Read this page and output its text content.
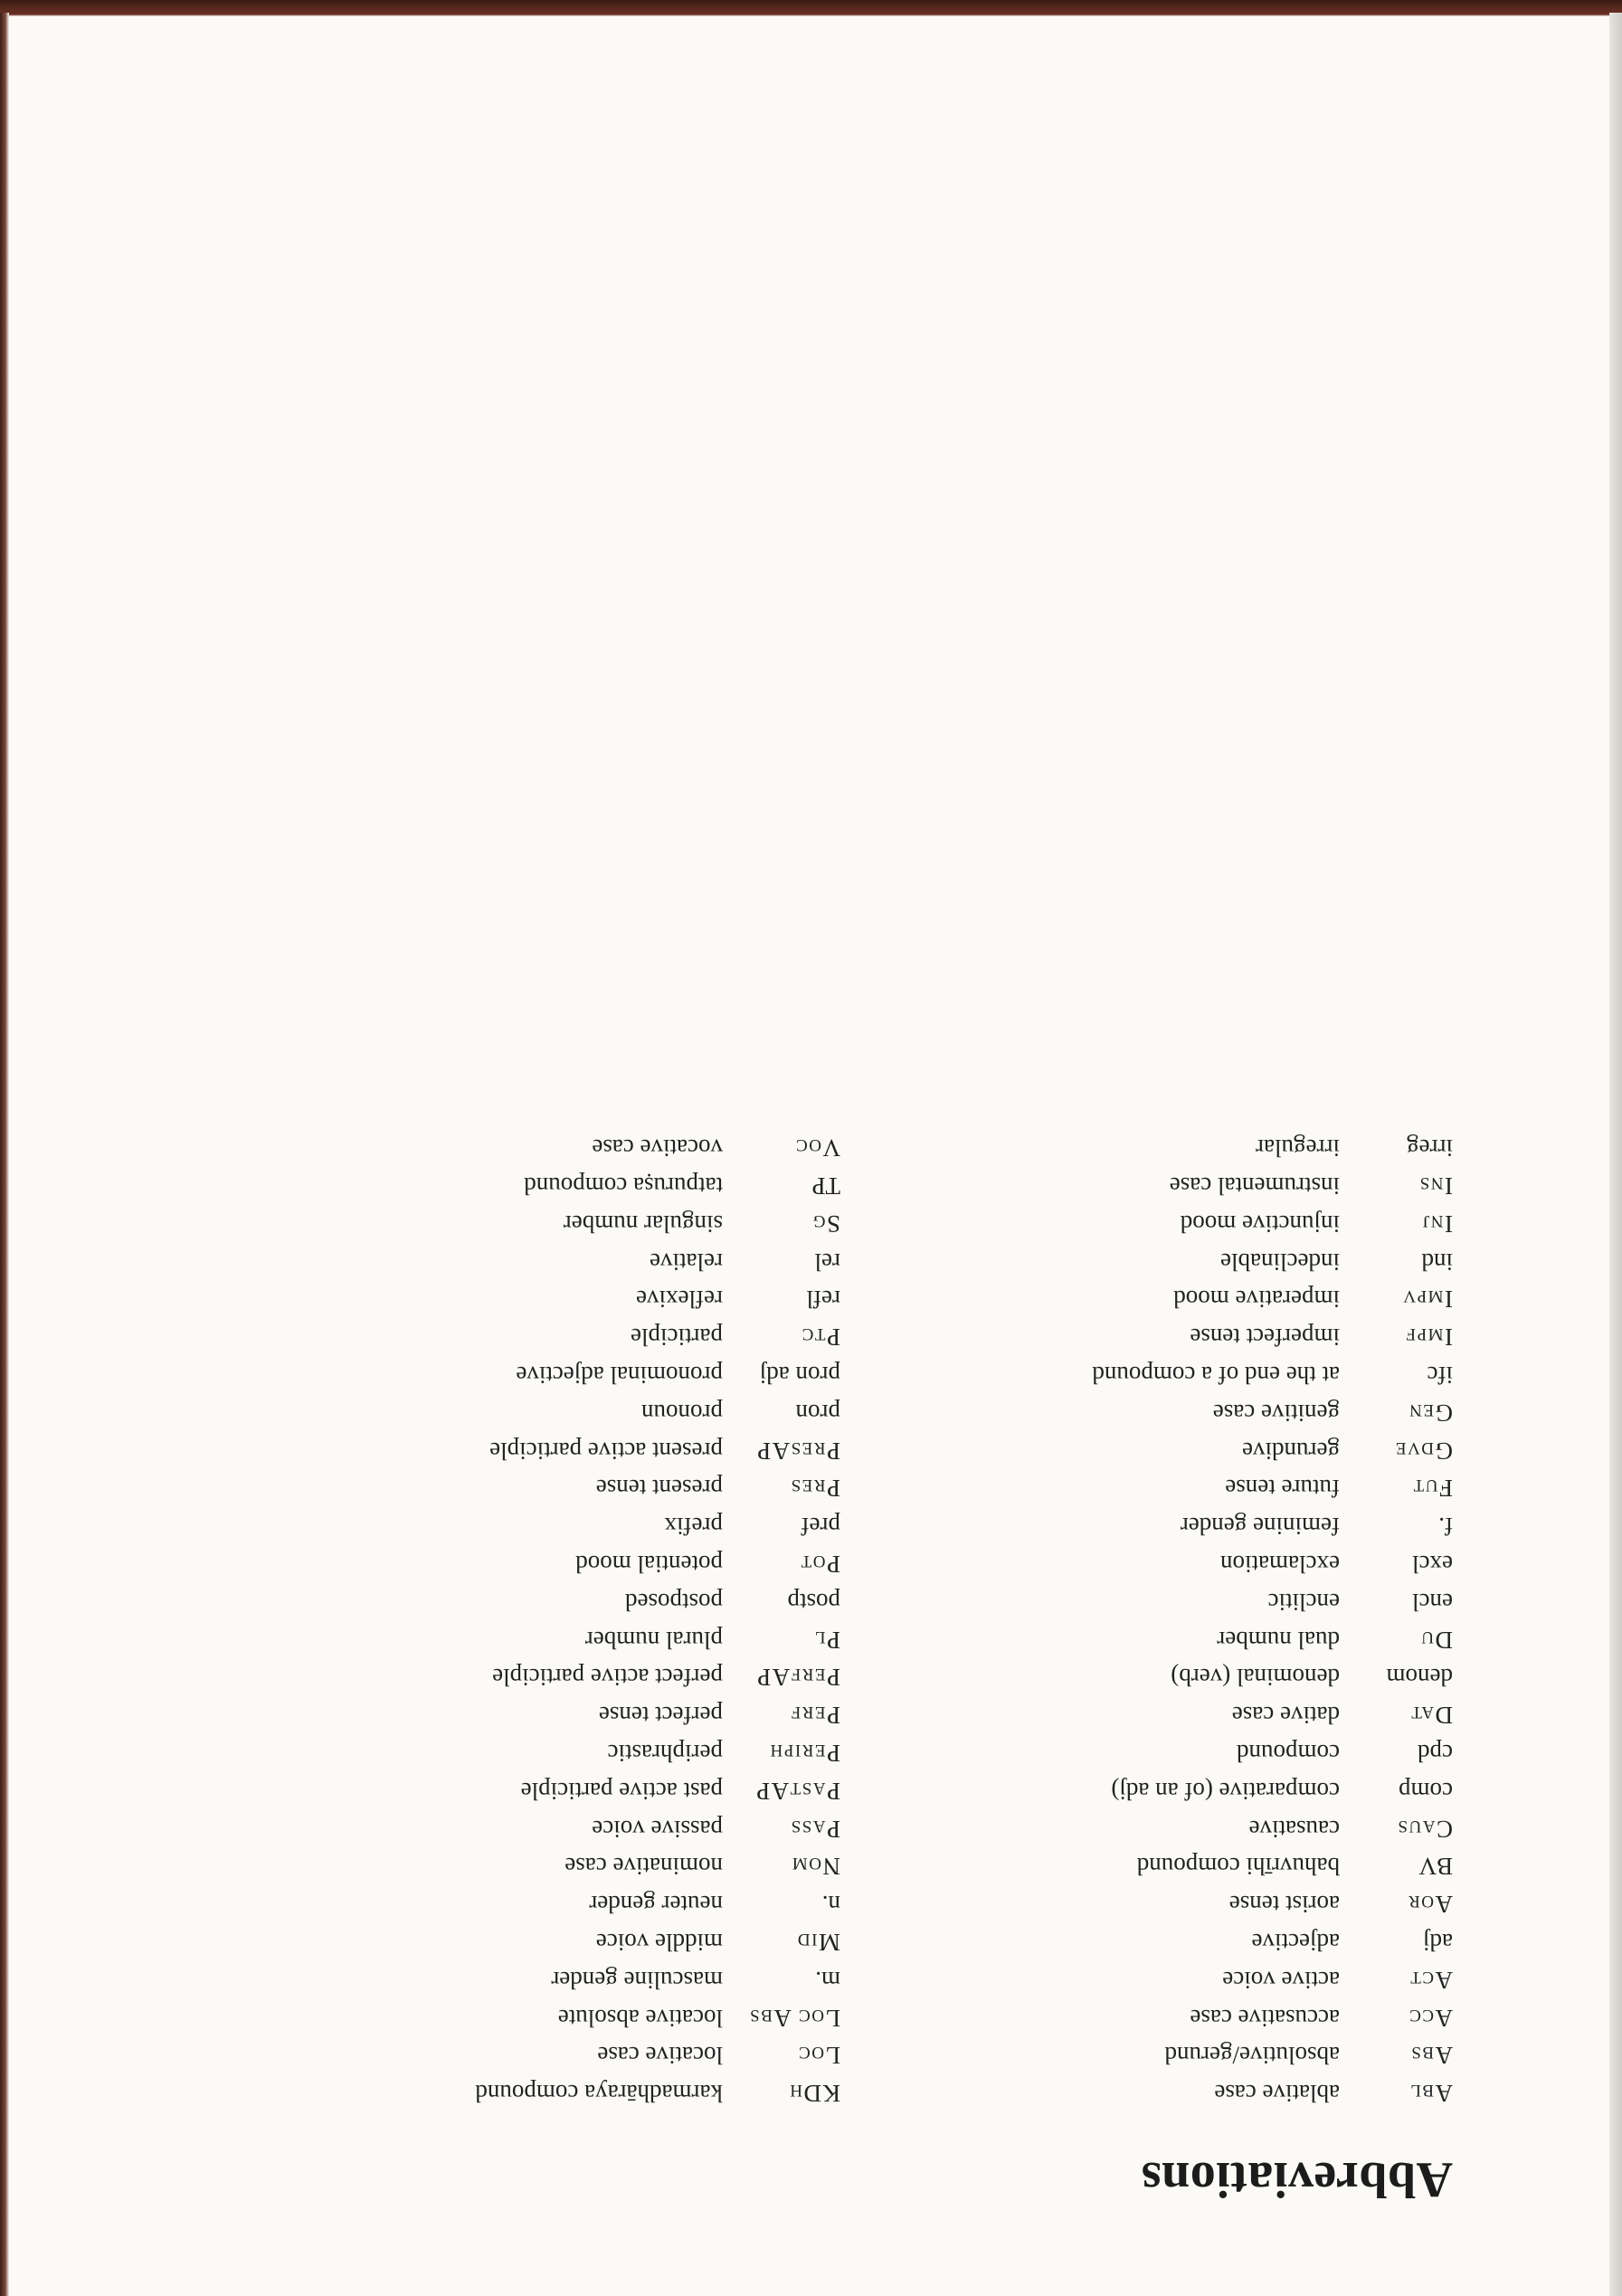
Abbreviations
Abl
ablative case
Abs
absolutive/gerund
Acc
accusative case
Act
active voice
adj
adjective
Aor
aorist tense
BV
bahuvrīhi compound
Caus
causative
comp
comparative (of an adj)
cpd
compound
Dat
dative case
denom
denominal (verb)
Du
dual number
encl
enclitic
excl
exclamation
f.
feminine gender
Fut
future tense
Gdve
gerundive
Gen
genitive case
ifc
at the end of a compound
Impf
imperfect tense
Impv
imperative mood
ind
indeclinable
Inj
injunctive mood
Ins
instrumental case
irreg
irregular
KDh
karmadhāraya compound
Loc
locative case
Loc Abs
locative absolute
m.
masculine gender
Mid
middle voice
n.
neuter gender
Nom
nominative case
Pass
passive voice
PastAP
past active participle
Periph
periphrastic
Perf
perfect tense
PerfAP
perfect active participle
Pl
plural number
postp
postposed
Pot
potential mood
pref
prefix
Pres
present tense
PresAP
present active participle
pron
pronoun
pron adj
pronominal adjective
Ptc
participle
refl
reflexive
rel
relative
Sg
singular number
TP
tatpuruṣa compound
Voc
vocative case
